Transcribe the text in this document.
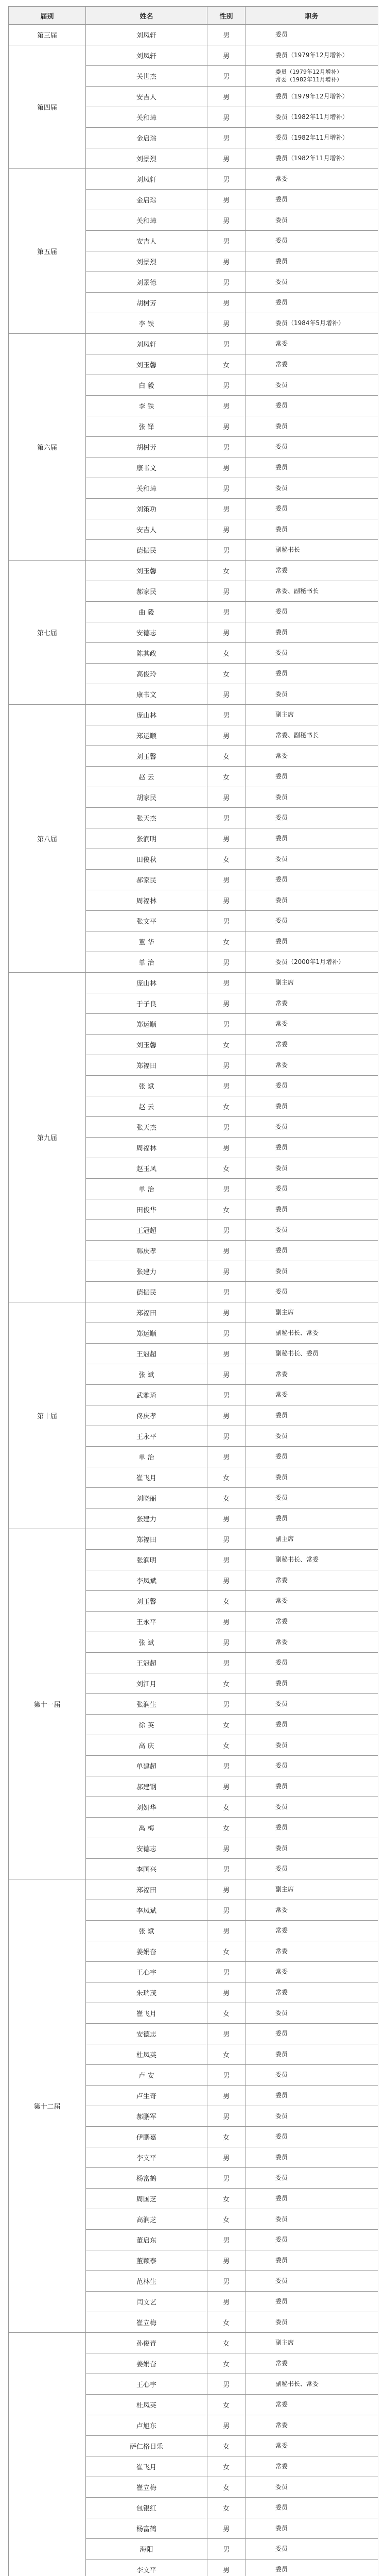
届别	姓名	性别	职务
第三届	刘凤轩	男	委员
第四届	刘凤轩	男	委员（1979年12月增补）
	关世杰	男	委员（1979年12月增补）
常委（1982年11月增补）

	安吉人	男	委员（1979年12月增补）
	关和璋	男	委员（1982年11月增补）
	金启琮	男	委员（1982年11月增补）
	刘景烈	男	委员（1982年11月增补）
第五届	刘凤轩	男	常委
	金启琮	男	委员
	关和璋	男	委员
	安吉人	男	委员
	刘景烈	男	委员
	刘景德	男	委员
	胡树芳	男	委员
	李 铁	男	委员（1984年5月增补）
第六届	刘凤轩	男	常委
	刘玉馨	女	常委
	白 毅	男	委员
	李 铁	男	委员
	张 铎	男	委员
	胡树芳	男	委员
	康书文	男	委员
	关和璋	男	委员
	刘策功	男	委员
	安吉人	男	委员
	德振民	男	副秘书长
第七届	刘玉馨	女	常委
	郝家民	男	常委、副秘书长
	曲 毅	男	委员
	安德志	男	委员
	陈其政	女	委员
	高俊玲	女	委员
	康书文	男	委员
第八届	庞山林	男	副主席
	郑运顺	男	常委、副秘书长
	刘玉馨	女	常委
	赵 云	女	委员
	胡家民	男	委员
	张天杰	男	委员
	张润明	男	委员
	田俊秋	女	委员
	郝家民	男	委员
	周福林	男	委员
	张文平	男	委员
	董 华	女	委员
	单 治	男	委员（2000年1月增补）
第九届	庞山林	男	副主席
	于子良	男	常委
	郑运顺	男	常委
	刘玉馨	女	常委
	郑福田	男	常委
	张 斌	男	委员
	赵 云	女	委员
	张天杰	男	委员
	周福林	男	委员
	赵玉凤	女	委员
	单 治	男	委员
	田俊华	女	委员
	王冠超	男	委员
	韩庆孝	男	委员
	张建力	男	委员
	德振民	男	委员
第十届	郑福田	男	副主席
	郑运顺	男	副秘书长、常委
	王冠超	男	副秘书长、委员
	张 斌	男	常委
	武雅琦	男	常委
	佟庆孝	男	委员
	王永平	男	委员
	单 治	男	委员
	崔飞月	女	委员
	刘晓丽	女	委员
	张建力	男	委员
第十一届	郑福田	男	副主席
	张润明	男	副秘书长、常委
	李凤斌	男	常委
	刘玉馨	女	常委
	王永平	男	常委
	张 斌	男	常委
	王冠超	男	委员
	刘江月	女	委员
	张润生	男	委员
	徐 英	女	委员
	高 庆	女	委员
	单建超	男	委员
	郝建钢	男	委员
	刘妍华	女	委员
	禹 梅	女	委员
	安德志	男	委员
	李国兴	男	委员
第十二届	郑福田	男	副主席
	李凤斌	男	常委
	张 斌	男	常委
	姜娟奋	女	常委
	王心宇	男	常委
	朱瑞茂	男	常委
	崔飞月	女	委员
	安德志	男	委员
	杜凤英	女	委员
	卢 安	男	委员
	卢生奇	男	委员
	郝鹏军	男	委员
	伊鹏嘉	女	委员
	李文平	男	委员
	杨富鹤	男	委员
	周国芝	女	委员
	高润芝	女	委员
	董启东	男	委员
	董颖泰	男	委员
	范林生	男	委员
	闫文艺	男	委员
	崔立梅	女	委员
	孙俊青	女	副主席
	姜娟奋	女	常委
	王心宇	男	副秘书长、常委
	杜凤英	女	常委
	卢旭东	男	常委
	萨仁格日乐	女	常委
	崔飞月	女	常委
	崔立梅	女	委员
	包银红	女	委员
	杨富鹤	男	委员
	海阳	男	委员
	李文平	男	委员
